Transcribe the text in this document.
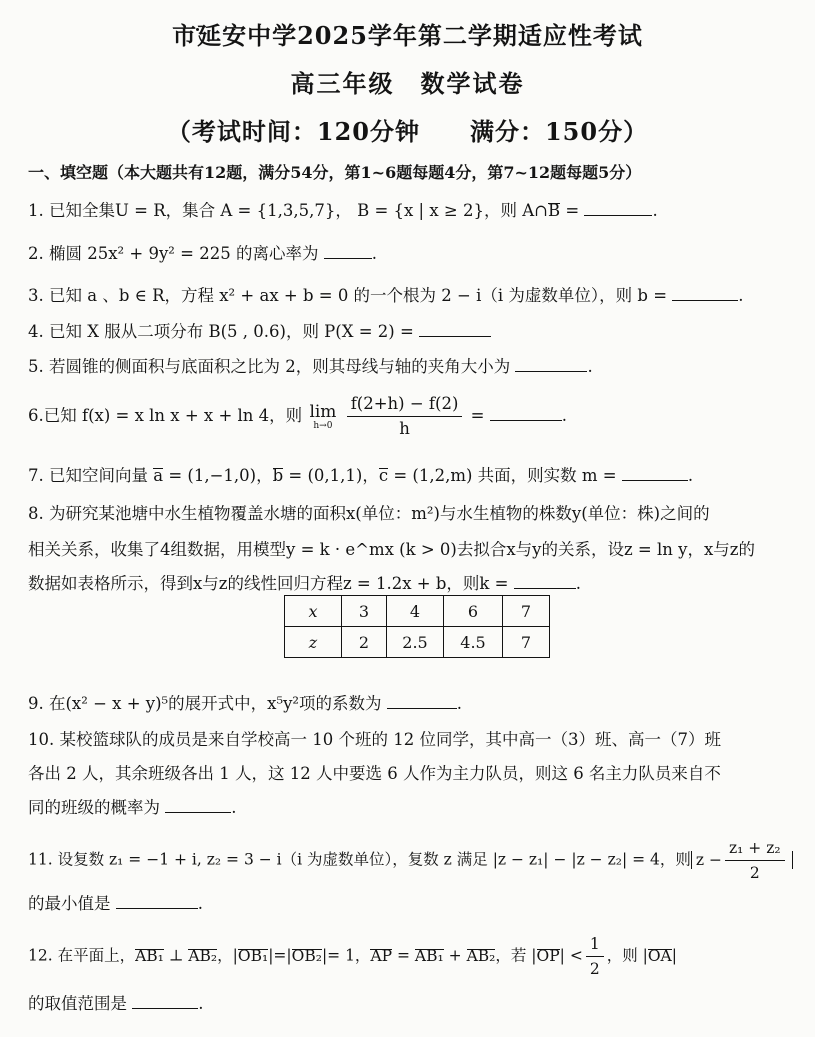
市延安中学2025学年第二学期适应性考试
高三年级　数学试卷
（考试时间：120分钟　　满分：150分）
一、填空题（本大题共有12题，满分54分，第1~6题每题4分，第7~12题每题5分）
1. 已知全集U = R，集合 A = {1,3,5,7}， B = {x | x ≥ 2}，则 A∩B =	.
2. 椭圆 25x² + 9y² = 225 的离心率为	.
3. 已知 a 、b ∈ R，方程 x² + ax + b = 0 的一个根为 2 − i（i 为虚数单位），则 b =	.
4. 已知 X 服从二项分布 B(5 , 0.6)，则 P(X = 2) =
5. 若圆锥的侧面积与底面积之比为 2，则其母线与轴的夹角大小为	.
6.已知 f(x) = x ln x + x + ln 4，则 lim
h→0
$\frac{f(2+h) - f(2)}{h}$ =	.
7. 已知空间向量 a = (1,−1,0)，b = (0,1,1)，c = (1,2,m) 共面，则实数 m =	.
8. 为研究某池塘中水生植物覆盖水塘的面积x(单位：m²)与水生植物的株数y(单位：株)之间的
相关关系，收集了4组数据，用模型y = k · e^mx (k > 0)去拟合x与y的关系，设z = ln y，x与z的
数据如表格所示，得到x与z的线性回归方程z = 1.2x + b，则k =	.
x	3	4	6	7
z	2	2.5	4.5	7
9. 在(x² − x + y)⁵的展开式中，x⁵y²项的系数为	.
10. 某校篮球队的成员是来自学校高一 10 个班的 12 位同学，其中高一（3）班、高一（7）班
各出 2 人，其余班级各出 1 人，这 12 人中要选 6 人作为主力队员，则这 6 名主力队员来自不
同的班级的概率为	.
11. 设复数 z₁ = −1 + i, z₂ = 3 − i（i 为虚数单位），复数 z 满足 |z − z₁| − |z − z₂| = 4，则 $z - \frac{\text{z₁ + z₂}}{2}$
的最小值是	.
12. 在平面上，AB₁ ⊥ AB₂，|OB₁|=|OB₂|= 1，AP = AB₁ + AB₂，若 $|OP| < \frac{1}{2}$ ，则 |OA|
的取值范围是	.
